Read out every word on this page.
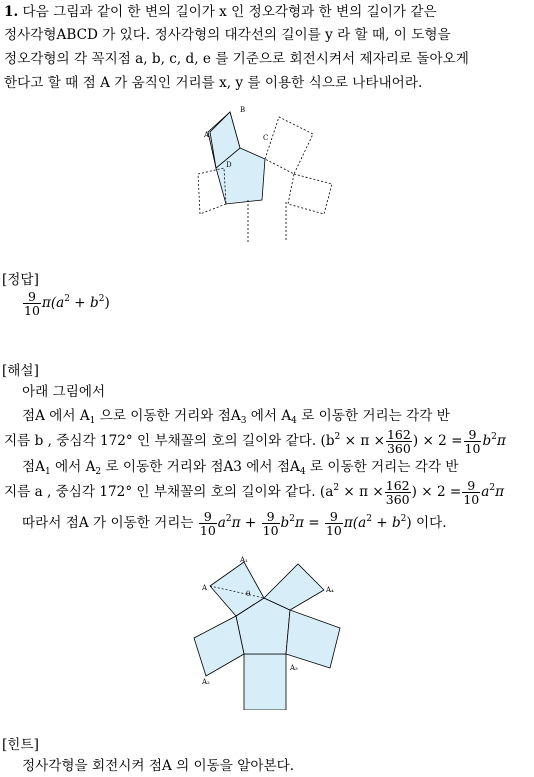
1. 다음 그림과 같이 한 변의 길이가 x 인 정오각형과 한 변의 길이가 같은
정사각형ABCD 가 있다. 정사각형의 대각선의 길이를 y 라 할 때, 이 도형을
정오각형의 각 꼭지점 a, b, c, d, e 를 기준으로 회전시켜서 제자리로 돌아오게
한다고 할 때 점 A 가 움직인 거리를 x, y 를 이용한 식으로 나타내어라.
A
B
C
D
[정답]
$\frac{9}{10} \pi(a^2 + b^2)$
[해설]
아래 그림에서
점A 에서 $A_1$ 으로 이동한 거리와 점$A_3$ 에서 $A_4$ 로 이동한 거리는 각각 반
지름 b , 중심각 172° 인 부채꼴의 호의 길이와 같다. ($b^2 \times \pi \times \frac{162}{360}$ ) × $2 = \frac{9}{10} b^2\pi$
점$A_1$ 에서 $A_2$ 로 이동한 거리와 점A3 에서 점$A_4$ 로 이동한 거리는 각각 반
지름 a , 중심각 172° 인 부채꼴의 호의 길이와 같다. ($a^2 \times \pi \times \frac{162}{360}$ ) × $2 = \frac{9}{10} a^2\pi$
따라서 점A 가 이동한 거리는 $\frac{9}{10} a^2\pi + \frac{9}{10} b^2\pi = \frac{9}{10} \pi(a^2 + b^2)$ 이다.
A
A₁
A₄
A₂
A₃
θ
[힌트]
정사각형을 회전시켜 점A 의 이동을 알아본다.
